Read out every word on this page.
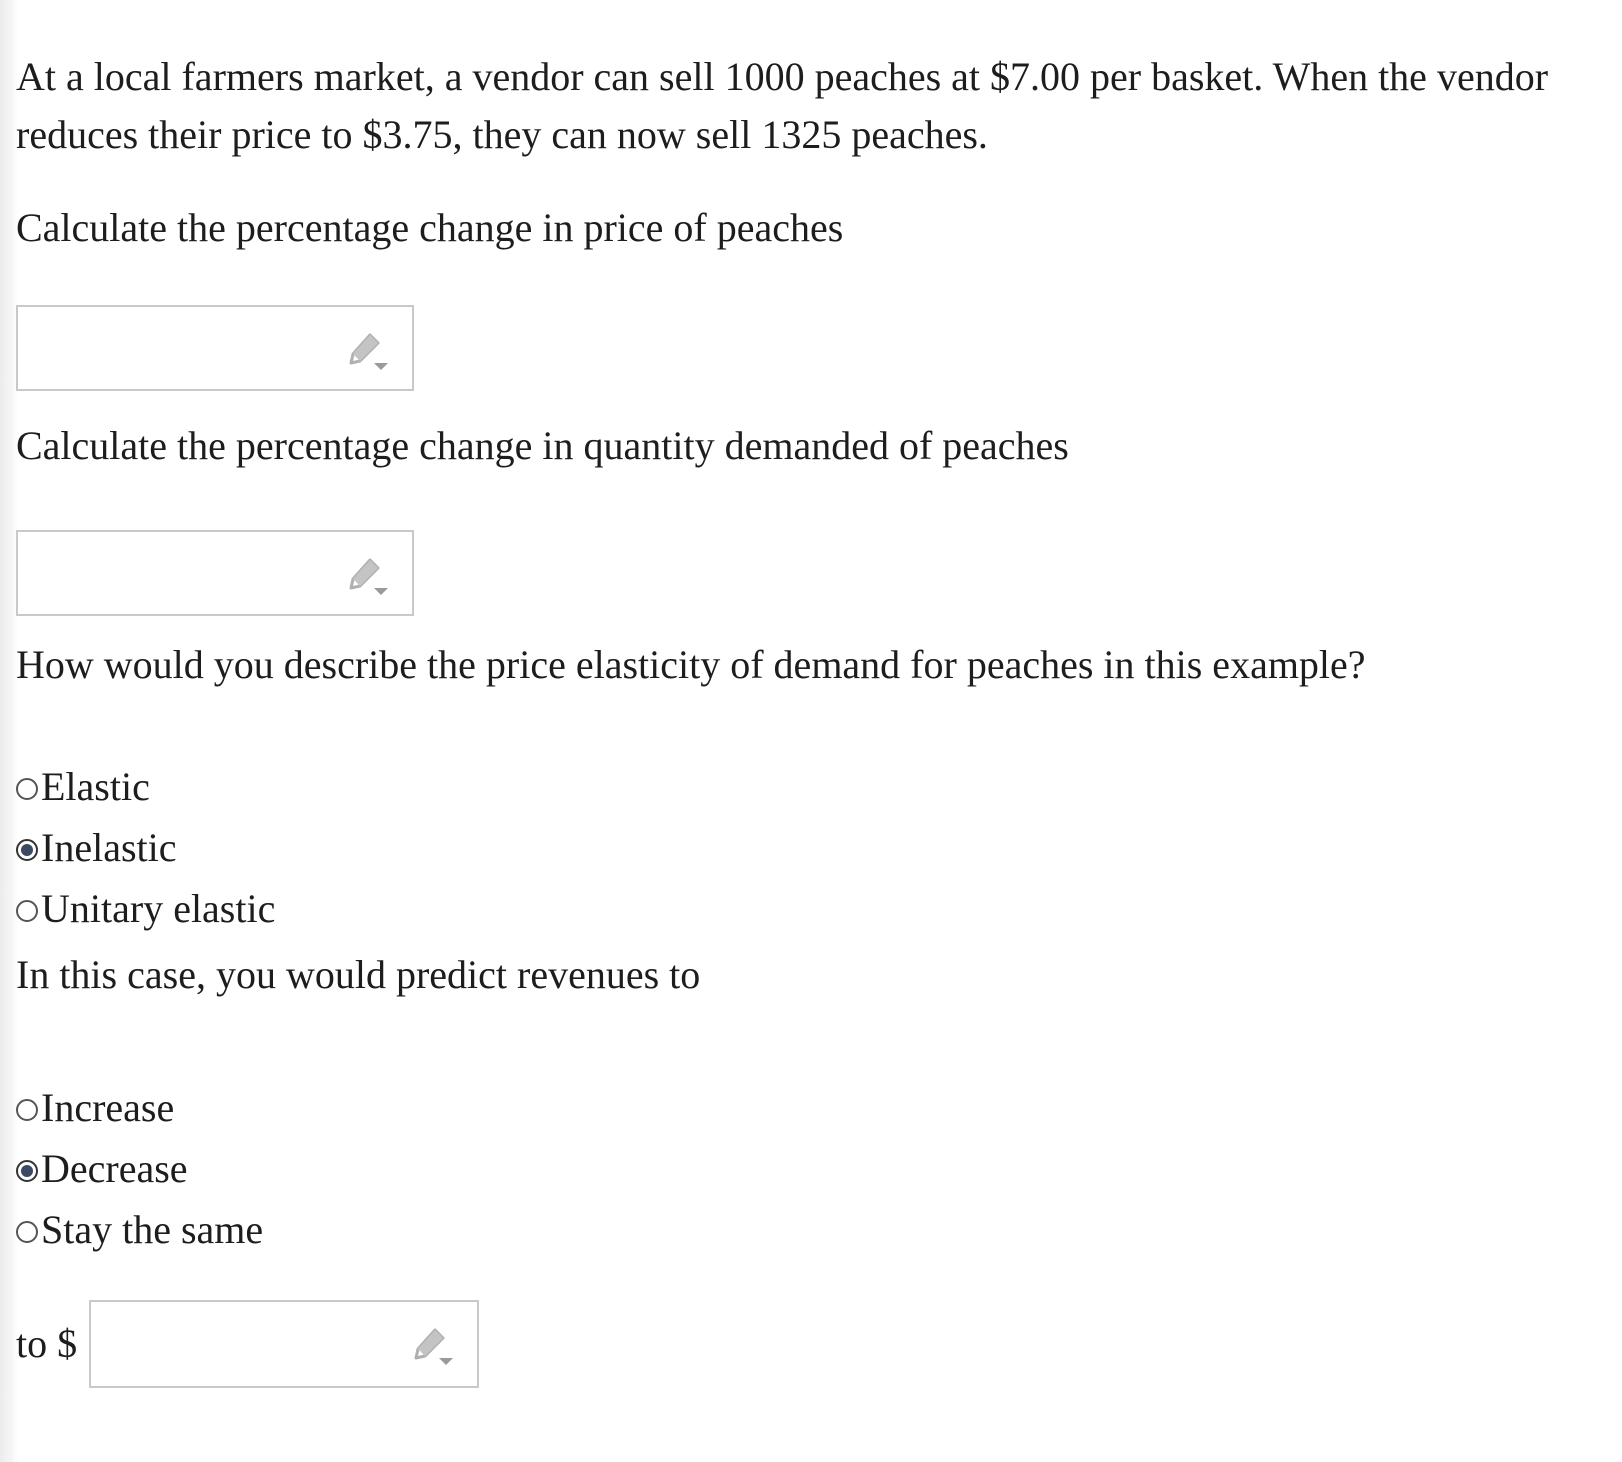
At a local farmers market, a vendor can sell 1000 peaches at $7.00 per basket. When the vendor reduces their price to $3.75, they can now sell 1325 peaches.

Calculate the percentage change in price of peaches

Calculate the percentage change in quantity demanded of peaches

How would you describe the price elasticity of demand for peaches in this example?

Elastic
Inelastic
Unitary elastic

In this case, you would predict revenues to

Increase
Decrease
Stay the same
to $
